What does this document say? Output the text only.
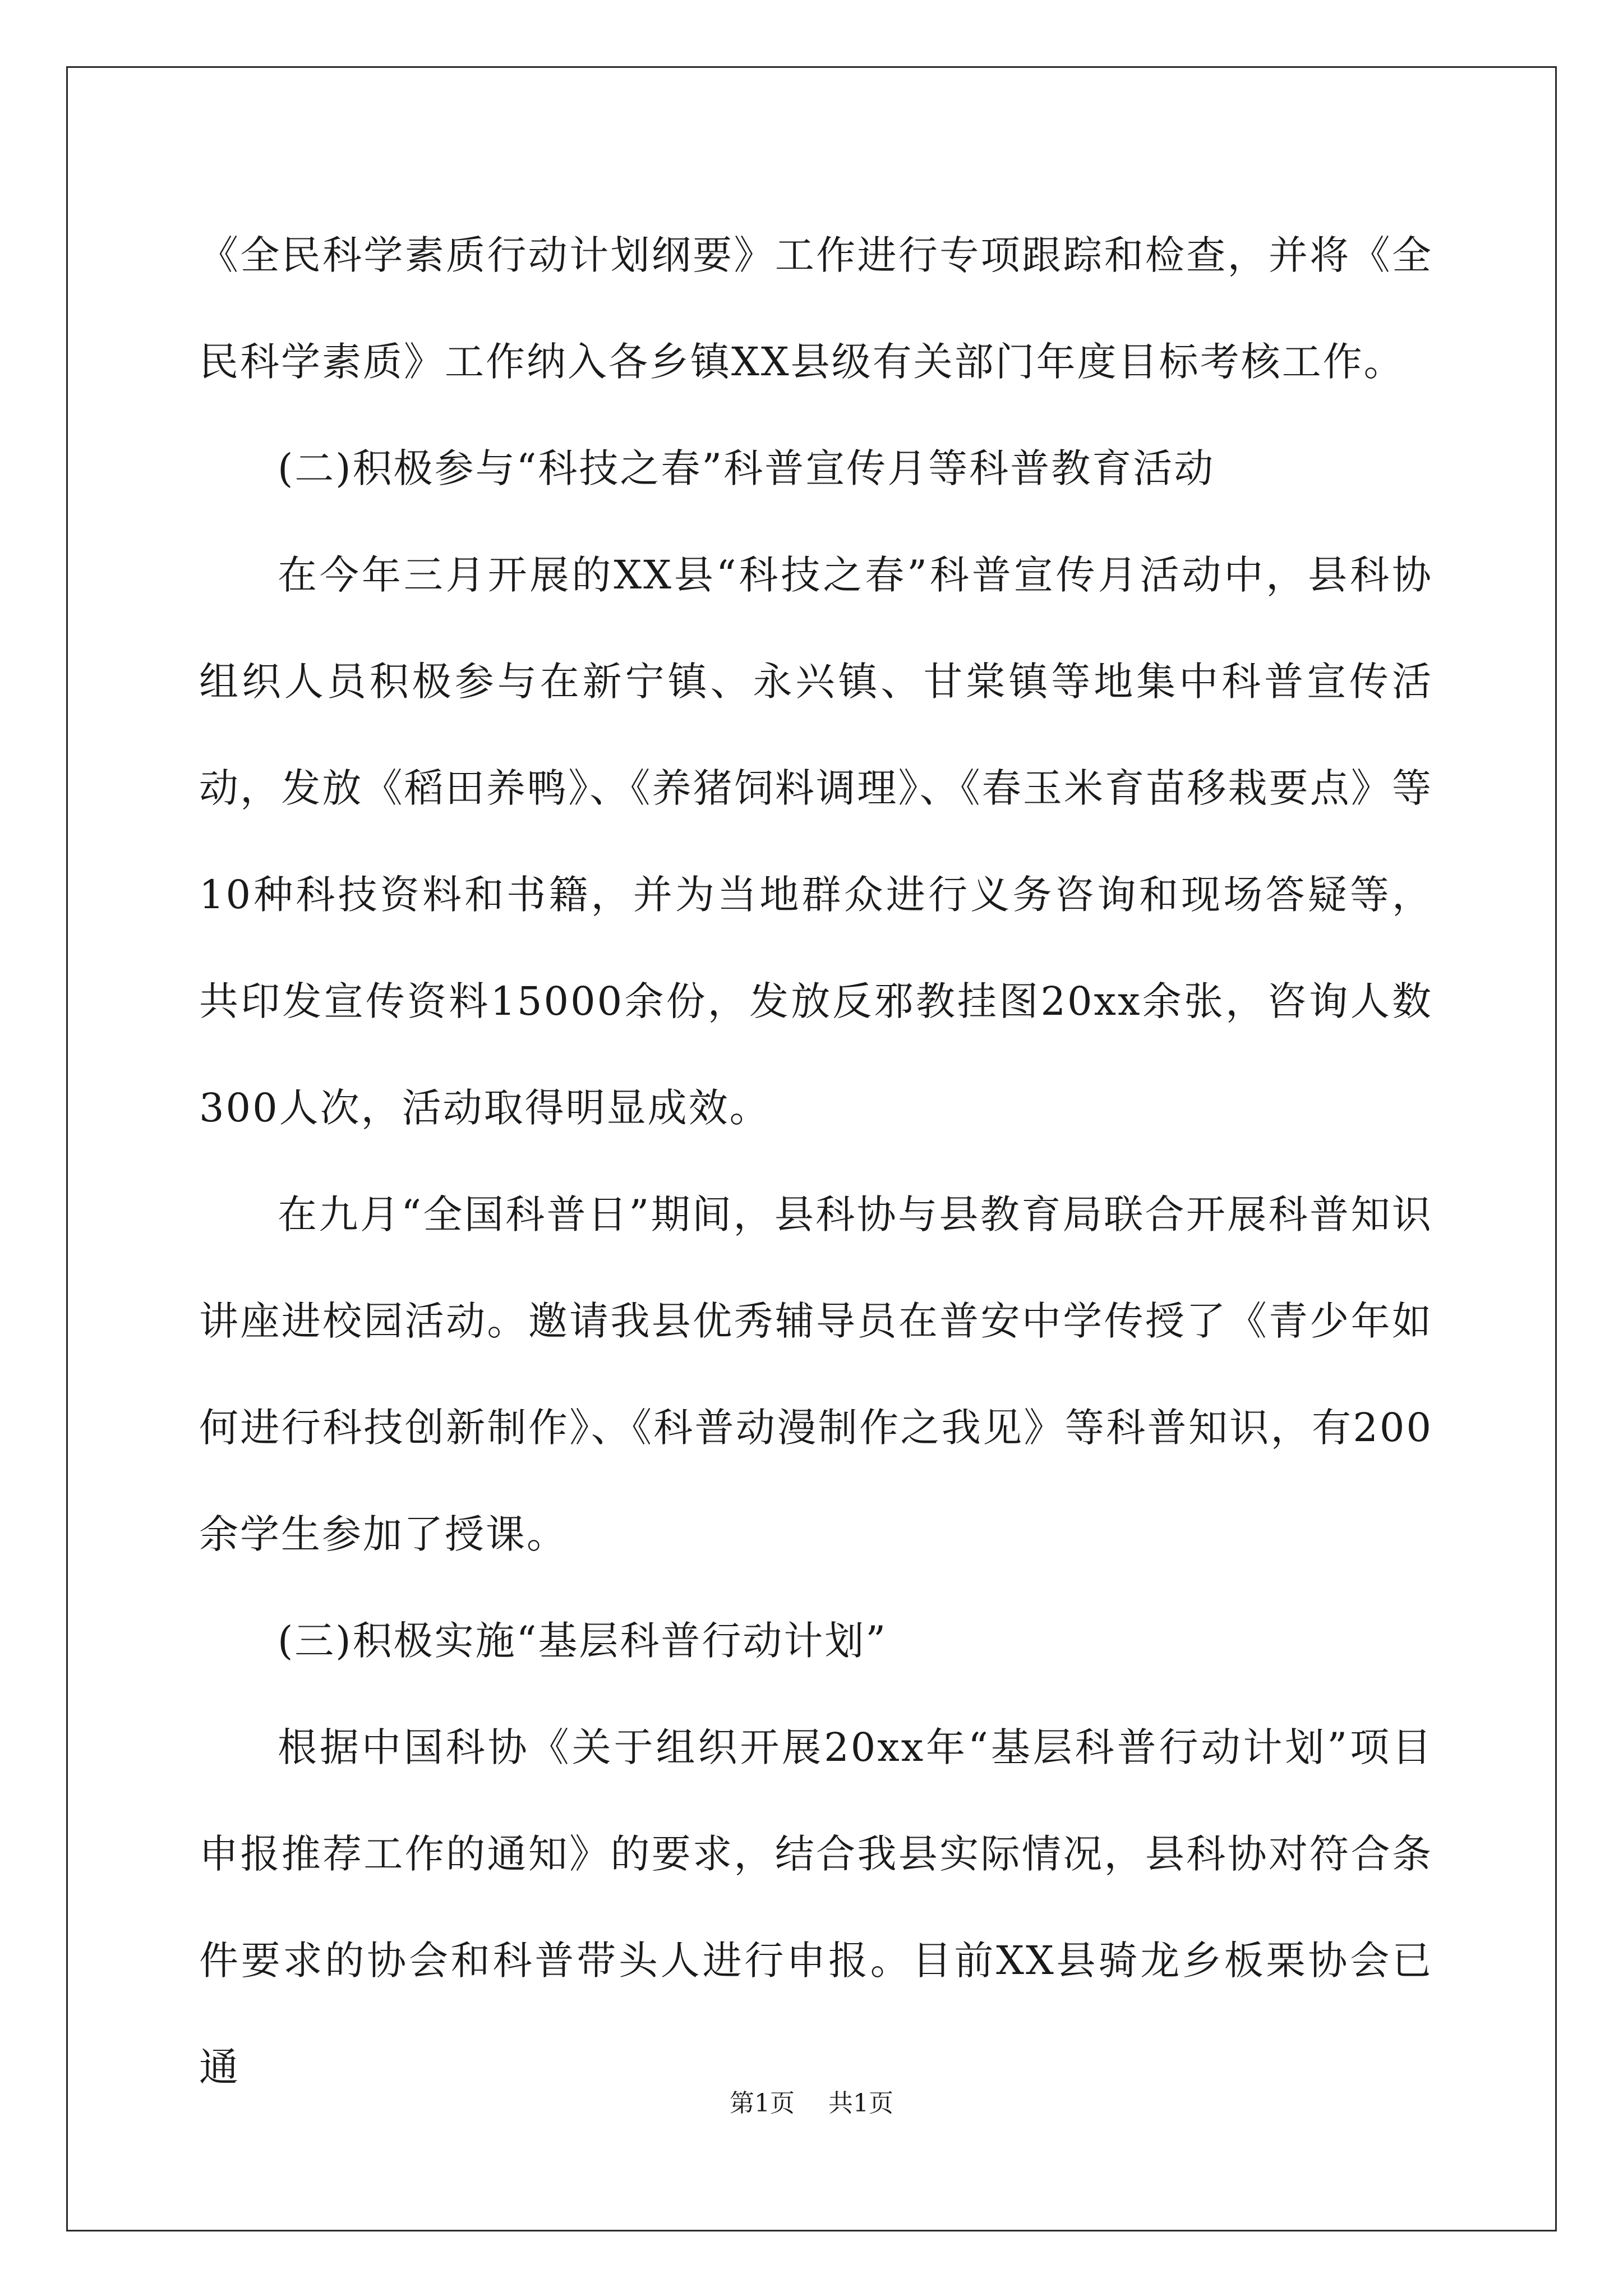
《全民科学素质行动计划纲要》工作进行专项跟踪和检查，并将《全民科学素质》工作纳入各乡镇XX县级有关部门年度目标考核工作。

(二)积极参与“科技之春”科普宣传月等科普教育活动

在今年三月开展的XX县“科技之春”科普宣传月活动中，县科协组织人员积极参与在新宁镇、永兴镇、甘棠镇等地集中科普宣传活动，发放《稻田养鸭》、《养猪饲料调理》、《春玉米育苗移栽要点》等10种科技资料和书籍，并为当地群众进行义务咨询和现场答疑等，共印发宣传资料15000余份，发放反邪教挂图20xx余张，咨询人数300人次，活动取得明显成效。

在九月“全国科普日”期间，县科协与县教育局联合开展科普知识讲座进校园活动。邀请我县优秀辅导员在普安中学传授了《青少年如何进行科技创新制作》、《科普动漫制作之我见》等科普知识，有200余学生参加了授课。

(三)积极实施“基层科普行动计划”

根据中国科协《关于组织开展20xx年“基层科普行动计划”项目申报推荐工作的通知》的要求，结合我县实际情况，县科协对符合条件要求的协会和科普带头人进行申报。目前XX县骑龙乡板栗协会已通

第1页 共1页
